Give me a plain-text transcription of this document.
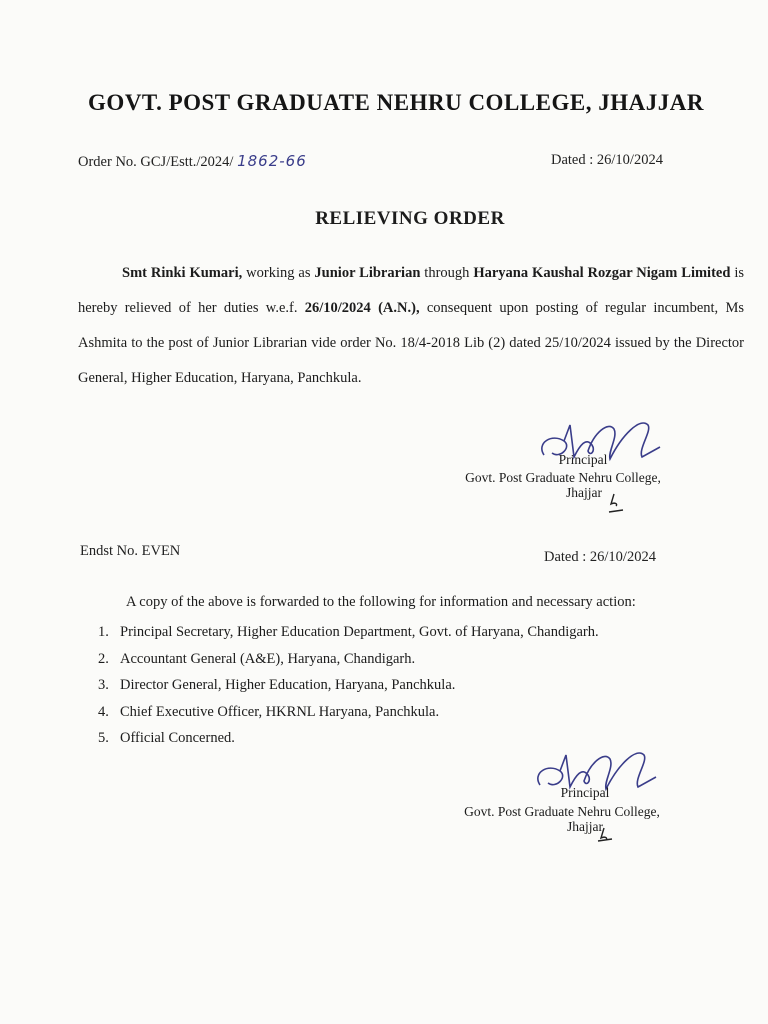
GOVT. POST GRADUATE NEHRU COLLEGE, JHAJJAR
Order No. GCJ/Estt./2024/ 1862-66	Dated : 26/10/2024
RELIEVING ORDER

Smt Rinki Kumari, working as Junior Librarian through Haryana Kaushal Rozgar Nigam Limited is hereby relieved of her duties w.e.f. 26/10/2024 (A.N.), consequent upon posting of regular incumbent, Ms Ashmita to the post of Junior Librarian vide order No. 18/4-2018 Lib (2) dated 25/10/2024 issued by the Director General, Higher Education, Haryana, Panchkula.

Principal
Govt. Post Graduate Nehru College,
Jhajjar
Endst No. EVEN	Dated : 26/10/2024
A copy of the above is forwarded to the following for information and necessary action:
1. Principal Secretary, Higher Education Department, Govt. of Haryana, Chandigarh.
2. Accountant General (A&E), Haryana, Chandigarh.
3. Director General, Higher Education, Haryana, Panchkula.
4. Chief Executive Officer, HKRNL Haryana, Panchkula.
5. Official Concerned.
Principal
Govt. Post Graduate Nehru College,
Jhajjar
